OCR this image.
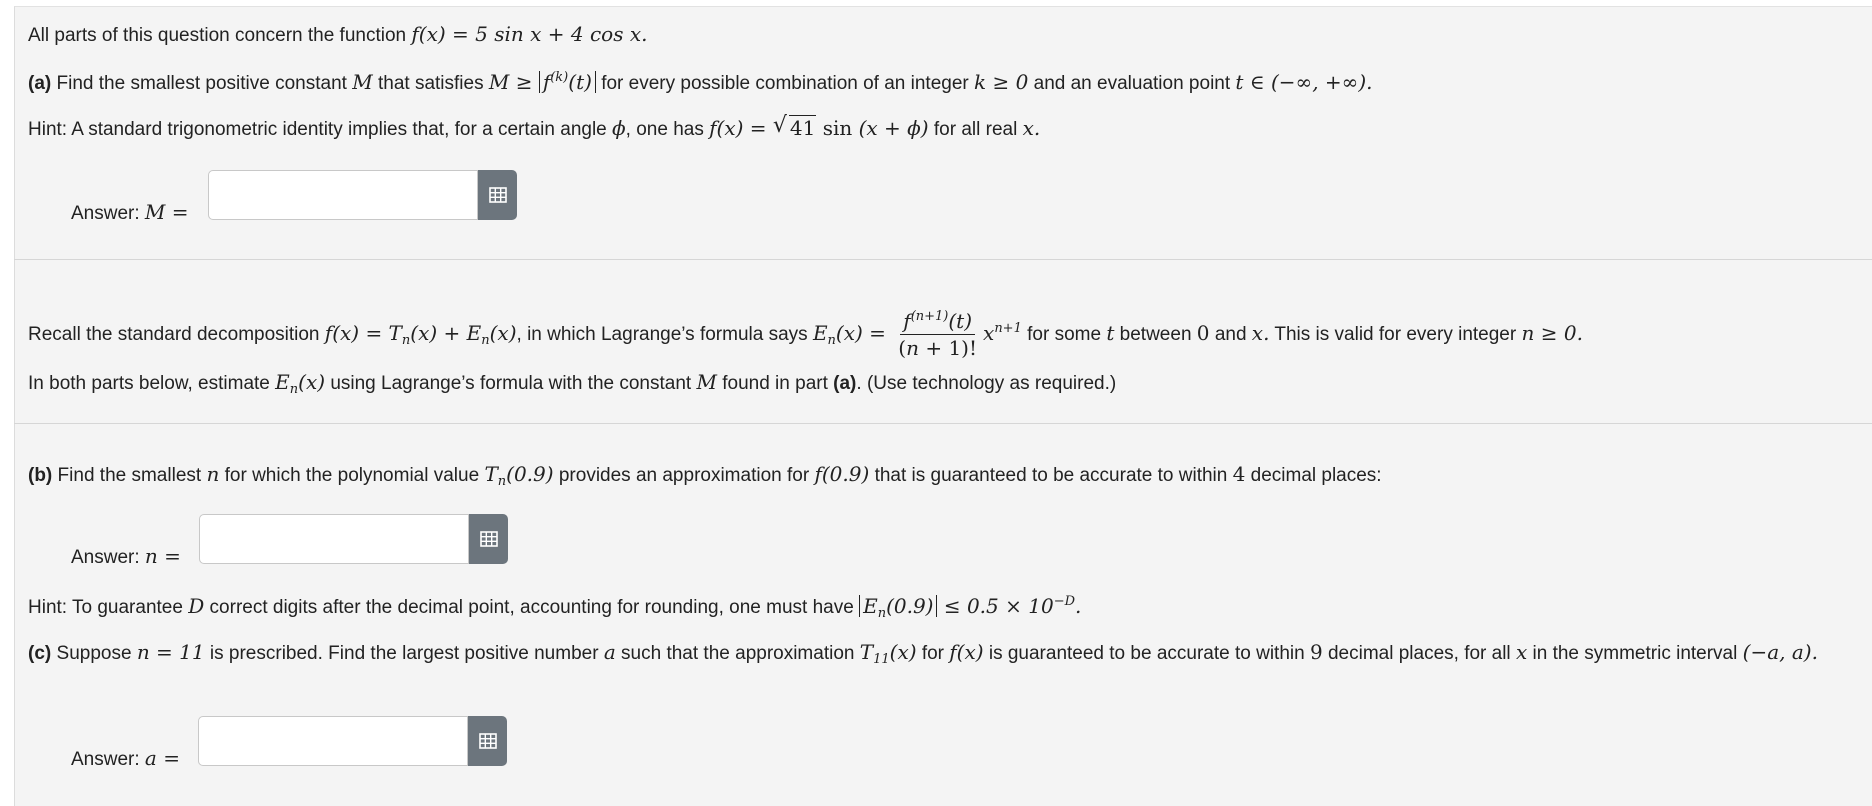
All parts of this question concern the function f(x) = 5 sin x + 4 cos x.
(a) Find the smallest positive constant M that satisfies $M \ge f^{(k)}(t)$ for every possible combination of an integer k ≥ 0 and an evaluation point t ∈ (−∞, +∞).
Hint: A standard trigonometric identity implies that, for a certain angle ϕ, one has f(x) = √ 41 sin (x + ϕ) for all real x.
Answer: M =
Recall the standard decomposition $f(x) = T_n(x) + E_n(x)$, in which Lagrange’s formula says $E_n(x) = \frac{f^{(n+1)}(t)}{(n + 1)!} x^{n+1}$ for some t between 0 and x. This is valid for every integer n ≥ 0.
In both parts below, estimate $E_n(x)$ using Lagrange’s formula with the constant M found in part (a). (Use technology as required.)
(b) Find the smallest n for which the polynomial value $T_n(0.9)$ provides an approximation for f(0.9) that is guaranteed to be accurate to within 4 decimal places:
Answer: n =
Hint: To guarantee D correct digits after the decimal point, accounting for rounding, one must have $E_n(0.9) \le 0.5 \times 10^{-D}$.
(c) Suppose n = 11 is prescribed. Find the largest positive number a such that the approximation $T_{11}(x)$ for f(x) is guaranteed to be accurate to within 9 decimal places, for all x in the symmetric interval (−a, a).
Answer: a =
